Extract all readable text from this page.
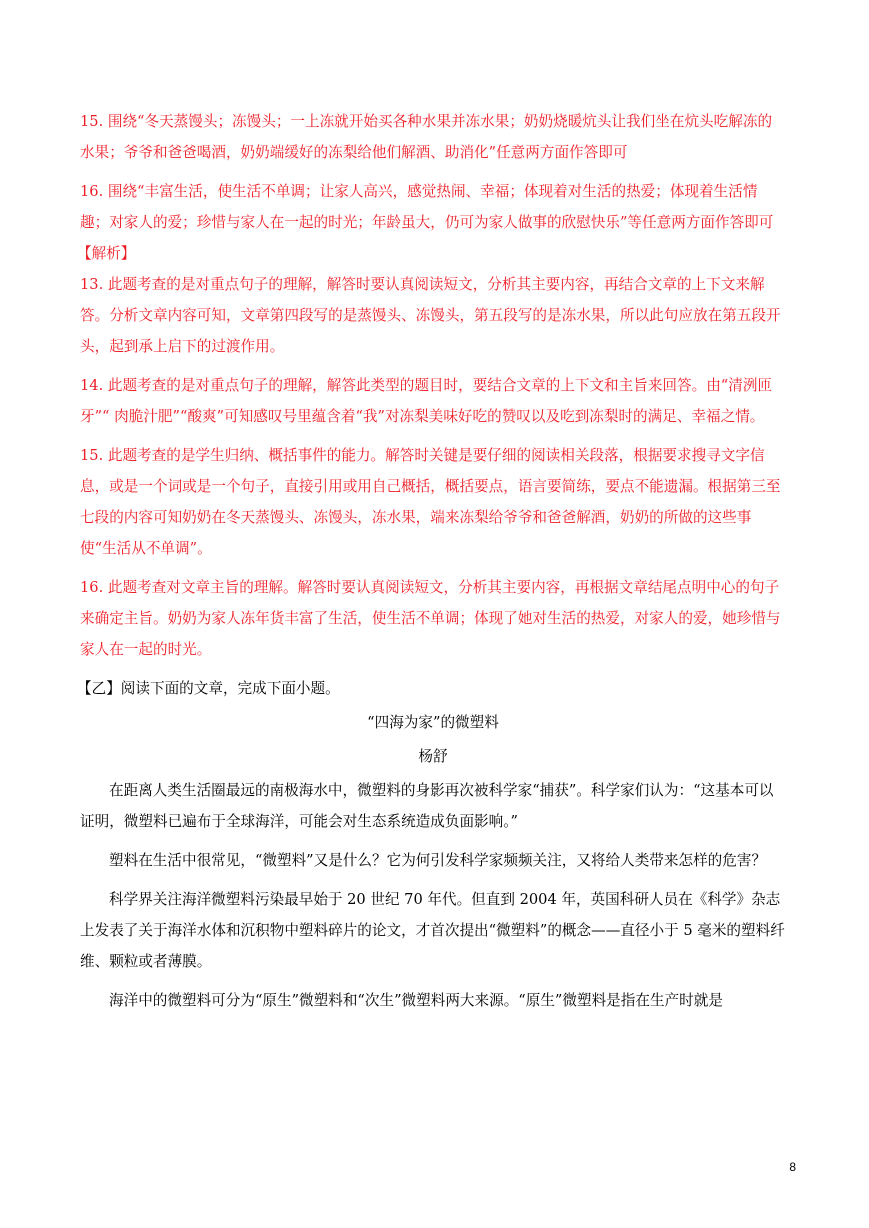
15. 围绕“冬天蒸馒头；冻馒头；一上冻就开始买各种水果并冻水果；奶奶烧暖炕头让我们坐在炕头吃解冻的水果；爷爷和爸爸喝酒，奶奶端缓好的冻梨给他们解酒、助消化”任意两方面作答即可

16. 围绕“丰富生活，使生活不单调；让家人高兴，感觉热闹、幸福；体现着对生活的热爱；体现着生活情趣；对家人的爱；珍惜与家人在一起的时光；年龄虽大，仍可为家人做事的欣慰快乐”等任意两方面作答即可

【解析】

13. 此题考查的是对重点句子的理解，解答时要认真阅读短文，分析其主要内容，再结合文章的上下文来解答。分析文章内容可知，文章第四段写的是蒸馒头、冻馒头，第五段写的是冻水果，所以此句应放在第五段开头，起到承上启下的过渡作用。

14. 此题考查的是对重点句子的理解，解答此类型的题目时，要结合文章的上下文和主旨来回答。由“清洌匝牙”“ 肉脆汁肥”“酸爽”可知感叹号里蕴含着“我”对冻梨美味好吃的赞叹以及吃到冻梨时的满足、幸福之情。

15. 此题考查的是学生归纳、概括事件的能力。解答时关键是要仔细的阅读相关段落，根据要求搜寻文字信息，或是一个词或是一个句子，直接引用或用自己概括，概括要点，语言要简练，要点不能遗漏。根据第三至七段的内容可知奶奶在冬天蒸馒头、冻馒头，冻水果，端来冻梨给爷爷和爸爸解酒，奶奶的所做的这些事使“生活从不单调”。

16. 此题考查对文章主旨的理解。解答时要认真阅读短文，分析其主要内容，再根据文章结尾点明中心的句子来确定主旨。奶奶为家人冻年货丰富了生活，使生活不单调；体现了她对生活的热爱，对家人的爱，她珍惜与家人在一起的时光。

【乙】阅读下面的文章，完成下面小题。

“四海为家”的微塑料

杨舒

在距离人类生活圈最远的南极海水中，微塑料的身影再次被科学家“捕获”。科学家们认为：“这基本可以证明，微塑料已遍布于全球海洋，可能会对生态系统造成负面影响。”

塑料在生活中很常见，“微塑料”又是什么？它为何引发科学家频频关注，又将给人类带来怎样的危害？

科学界关注海洋微塑料污染最早始于 20 世纪 70 年代。但直到 2004 年，英国科研人员在《科学》杂志上发表了关于海洋水体和沉积物中塑料碎片的论文，才首次提出“微塑料”的概念——直径小于 5 毫米的塑料纤维、颗粒或者薄膜。

海洋中的微塑料可分为“原生”微塑料和“次生”微塑料两大来源。“原生”微塑料是指在生产时就是

8
